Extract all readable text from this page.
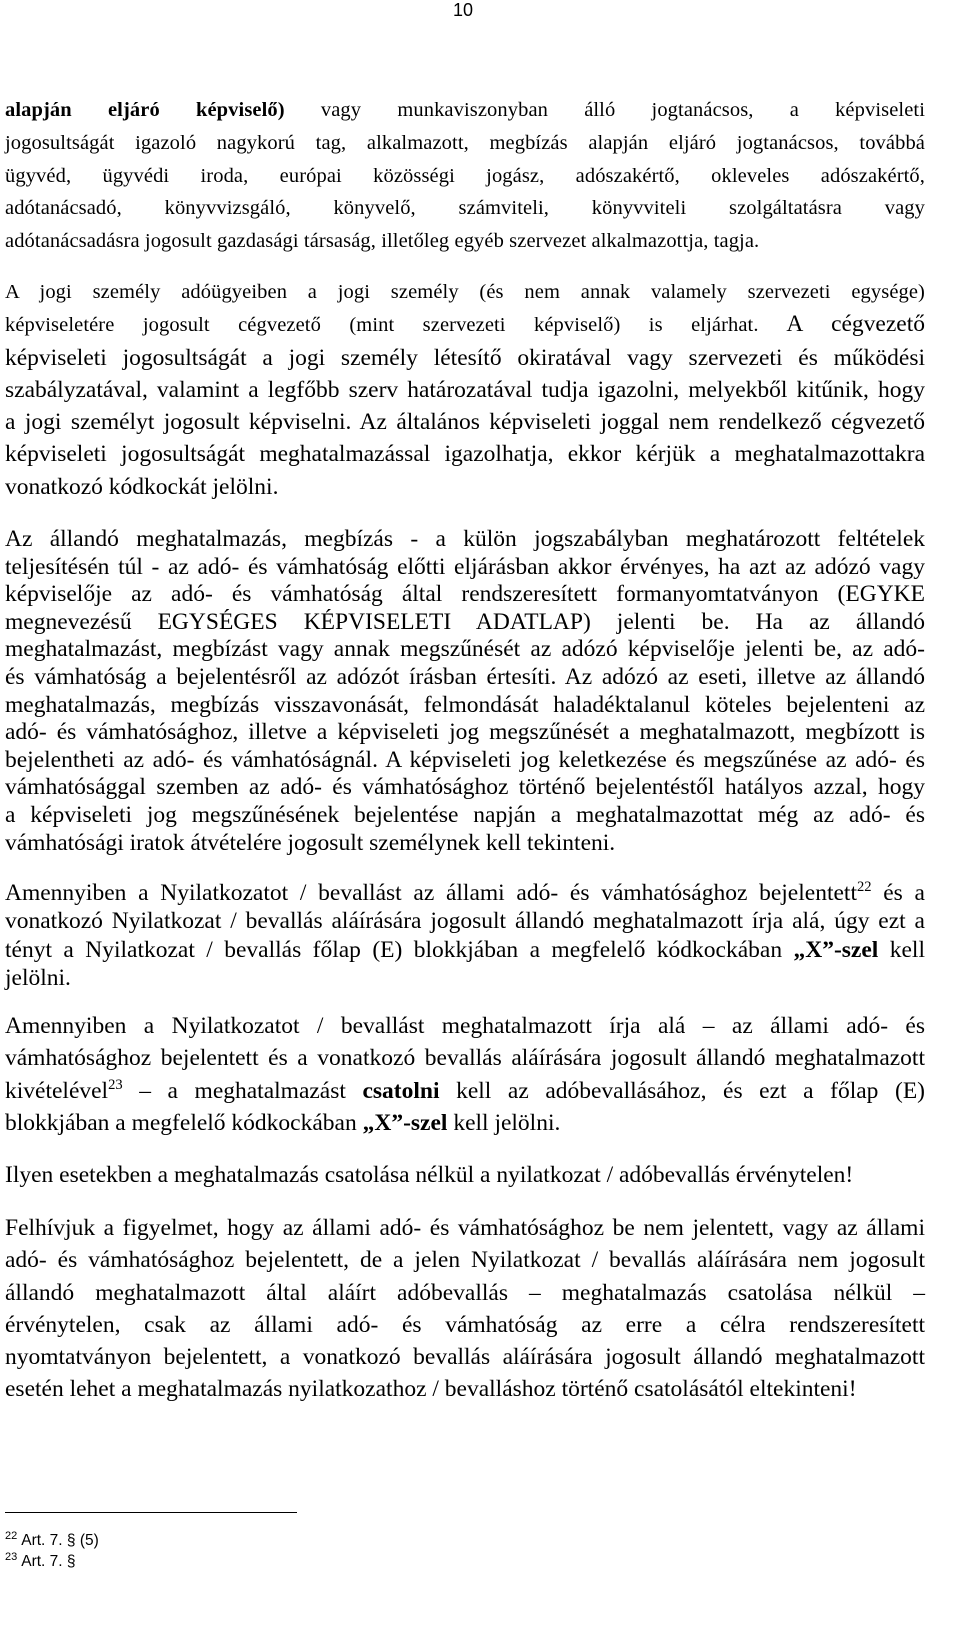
10
alapján eljáró képviselő) vagy munkaviszonyban álló jogtanácsos, a képviseleti
jogosultságát igazoló nagykorú tag, alkalmazott, megbízás alapján eljáró jogtanácsos, továbbá
ügyvéd, ügyvédi iroda, európai közösségi jogász, adószakértő, okleveles adószakértő,
adótanácsadó, könyvvizsgáló, könyvelő, számviteli, könyvviteli szolgáltatásra vagy
adótanácsadásra jogosult gazdasági társaság, illetőleg egyéb szervezet alkalmazottja, tagja.
A jogi személy adóügyeiben a jogi személy (és nem annak valamely szervezeti egysége)
képviseletére jogosult cégvezető (mint szervezeti képviselő) is eljárhat. A cégvezető
képviseleti jogosultságát a jogi személy létesítő okiratával vagy szervezeti és működési
szabályzatával, valamint a legfőbb szerv határozatával tudja igazolni, melyekből kitűnik, hogy
a jogi személyt jogosult képviselni. Az általános képviseleti joggal nem rendelkező cégvezető
képviseleti jogosultságát meghatalmazással igazolhatja, ekkor kérjük a meghatalmazottakra
vonatkozó kódkockát jelölni.
Az állandó meghatalmazás, megbízás - a külön jogszabályban meghatározott feltételek
teljesítésén túl - az adó- és vámhatóság előtti eljárásban akkor érvényes, ha azt az adózó vagy
képviselője az adó- és vámhatóság által rendszeresített formanyomtatványon (EGYKE
megnevezésű EGYSÉGES KÉPVISELETI ADATLAP) jelenti be. Ha az állandó
meghatalmazást, megbízást vagy annak megszűnését az adózó képviselője jelenti be, az adó-
és vámhatóság a bejelentésről az adózót írásban értesíti. Az adózó az eseti, illetve az állandó
meghatalmazás, megbízás visszavonását, felmondását haladéktalanul köteles bejelenteni az
adó- és vámhatósághoz, illetve a képviseleti jog megszűnését a meghatalmazott, megbízott is
bejelentheti az adó- és vámhatóságnál. A képviseleti jog keletkezése és megszűnése az adó- és
vámhatósággal szemben az adó- és vámhatósághoz történő bejelentéstől hatályos azzal, hogy
a képviseleti jog megszűnésének bejelentése napján a meghatalmazottat még az adó- és
vámhatósági iratok átvételére jogosult személynek kell tekinteni.
Amennyiben a Nyilatkozatot / bevallást az állami adó- és vámhatósághoz bejelentett$^{22}$ és a
vonatkozó Nyilatkozat / bevallás aláírására jogosult állandó meghatalmazott írja alá, úgy ezt a
tényt a Nyilatkozat / bevallás főlap (E) blokkjában a megfelelő kódkockában „X”-szel kell
jelölni.
Amennyiben a Nyilatkozatot / bevallást meghatalmazott írja alá – az állami adó- és
vámhatósághoz bejelentett és a vonatkozó bevallás aláírására jogosult állandó meghatalmazott
kivételével$^{23}$ – a meghatalmazást csatolni kell az adóbevallásához, és ezt a főlap (E)
blokkjában a megfelelő kódkockában „X”-szel kell jelölni.
Ilyen esetekben a meghatalmazás csatolása nélkül a nyilatkozat / adóbevallás érvénytelen!
Felhívjuk a figyelmet, hogy az állami adó- és vámhatósághoz be nem jelentett, vagy az állami
adó- és vámhatósághoz bejelentett, de a jelen Nyilatkozat / bevallás aláírására nem jogosult
állandó meghatalmazott által aláírt adóbevallás – meghatalmazás csatolása nélkül –
érvénytelen, csak az állami adó- és vámhatóság az erre a célra rendszeresített
nyomtatványon bejelentett, a vonatkozó bevallás aláírására jogosult állandó meghatalmazott
esetén lehet a meghatalmazás nyilatkozathoz / bevalláshoz történő csatolásától eltekinteni!
$^{22}$ Art. 7. § (5)
$^{23}$ Art. 7. §
